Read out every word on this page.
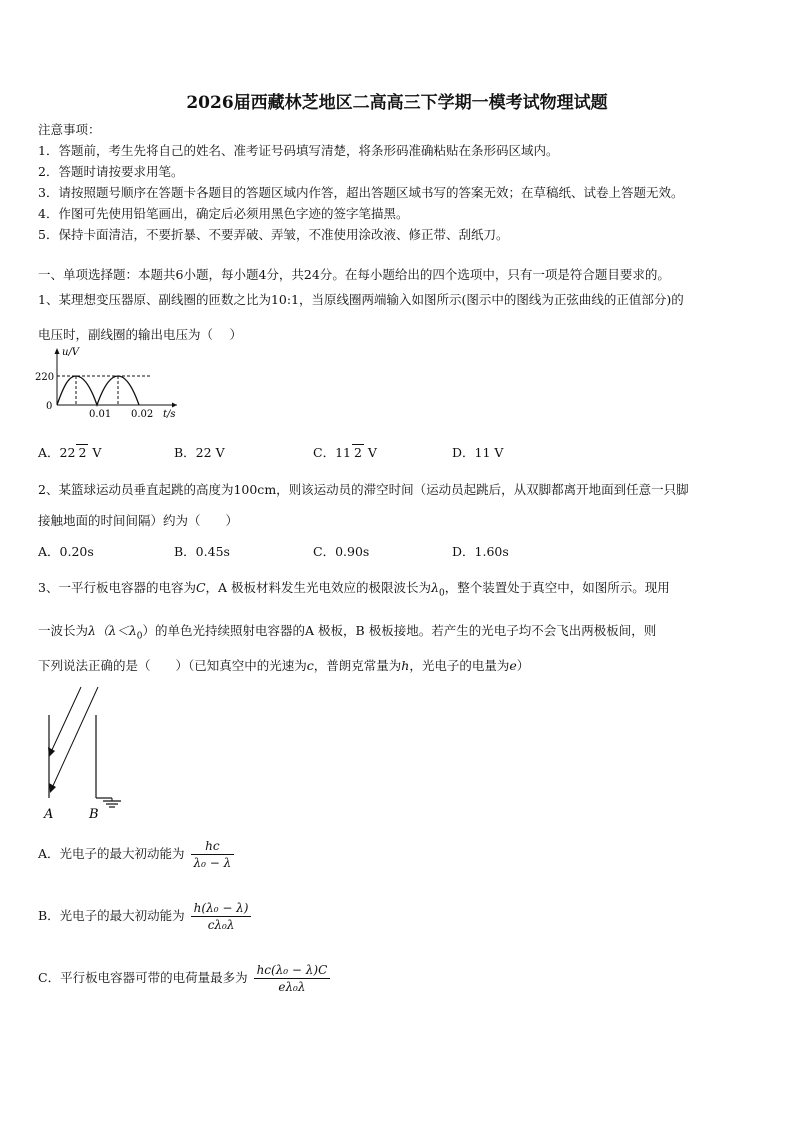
2026届西藏林芝地区二高高三下学期一模考试物理试题
注意事项：
1．答题前，考生先将自己的姓名、准考证号码填写清楚，将条形码准确粘贴在条形码区域内。
2．答题时请按要求用笔。
3．请按照题号顺序在答题卡各题目的答题区域内作答，超出答题区域书写的答案无效；在草稿纸、试卷上答题无效。
4．作图可先使用铅笔画出，确定后必须用黑色字迹的签字笔描黑。
5．保持卡面清洁，不要折暴、不要弄破、弄皱，不准使用涂改液、修正带、刮纸刀。
一、单项选择题：本题共6小题，每小题4分，共24分。在每小题给出的四个选项中，只有一项是符合题目要求的。
1、某理想变压器原、副线圈的匝数之比为10:1，当原线圈两端输入如图所示(图示中的图线为正弦曲线的正值部分)的
电压时，副线圈的输出电压为（　 ）
u/V
220
0
0.01 0.02 t/s
A．22 2 V	B．22 V	C．11 2 V	D．11 V
2、某篮球运动员垂直起跳的高度为100cm，则该运动员的滞空时间（运动员起跳后，从双脚都离开地面到任意一只脚
接触地面的时间间隔）约为（　　）
A．0.20s	B．0.45s	C．0.90s	D．1.60s
3、一平行板电容器的电容为C，A 极板材料发生光电效应的极限波长为$\lambda_0$，整个装置处于真空中，如图所示。现用
一波长为$\lambda(\lambda<\lambda_0)$的单色光持续照射电容器的A 极板，B 极板接地。若产生的光电子均不会飞出两极板间，则
下列说法正确的是（　　）（已知真空中的光速为c，普朗克常量为h，光电子的电量为e）
A	B
A．光电子的最大初动能为 $\frac{hc}{\text{λ₀ − λ}}$
B．光电子的最大初动能为 $\frac{\text{h(λ₀ − λ)}}{\text{cλ₀λ}}$
C．平行板电容器可带的电荷量最多为 $\frac{\text{hc(λ₀ − λ)C}}{\text{eλ₀λ}}$
